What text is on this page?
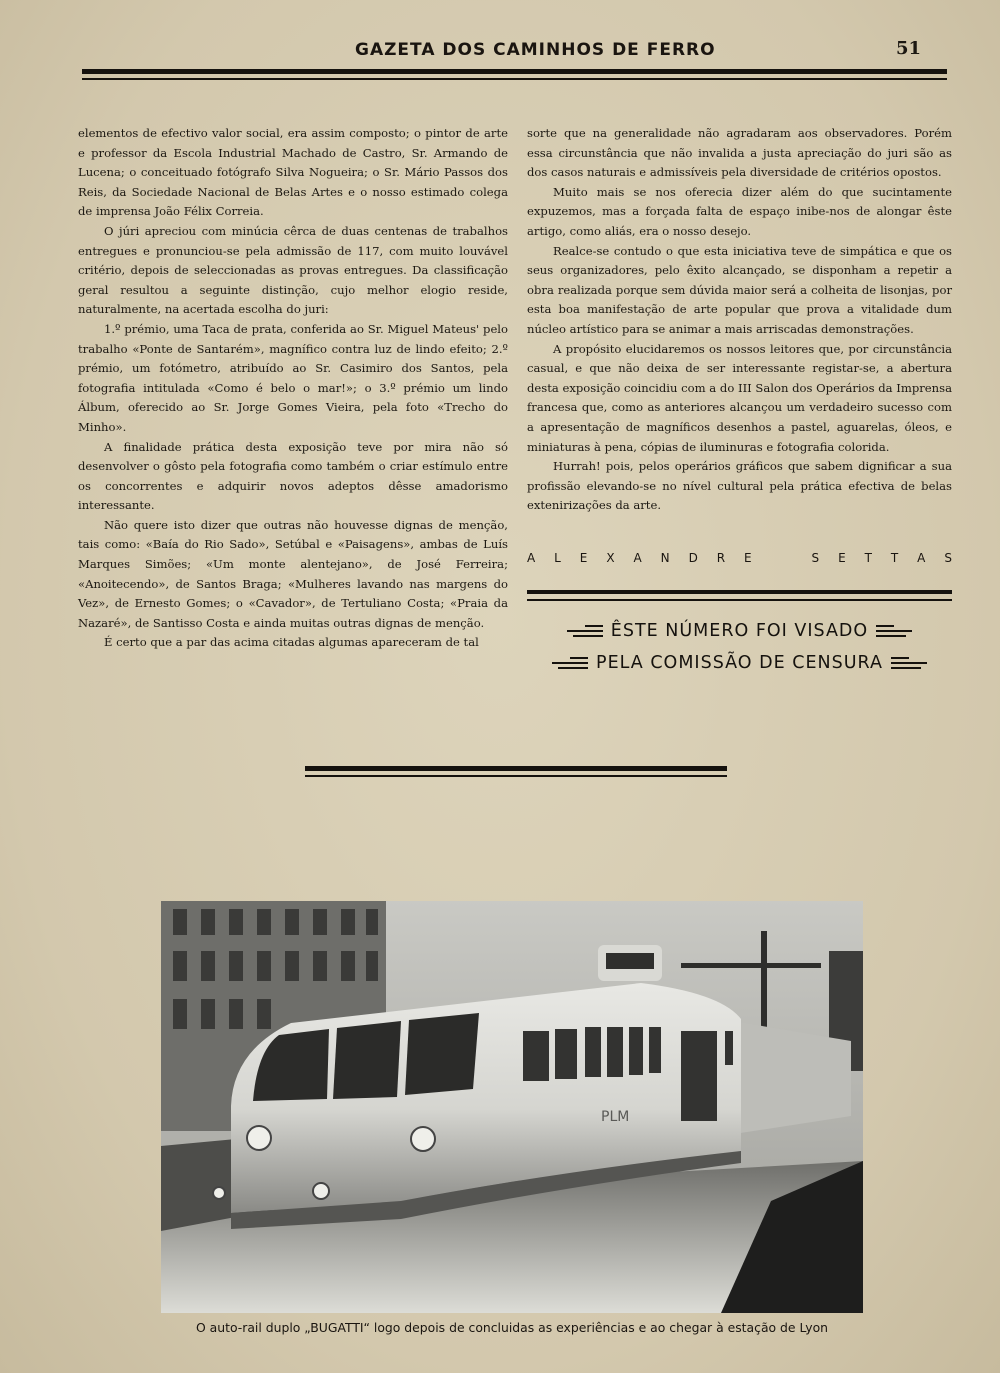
GAZETA DOS CAMINHOS DE FERRO	51

elementos de efectivo valor social, era assim composto; o pintor de arte e professor da Escola Industrial Machado de Castro, Sr. Armando de Lucena; o conceituado fotógrafo Silva Nogueira; o Sr. Mário Passos dos Reis, da Sociedade Nacional de Belas Artes e o nosso estimado colega de imprensa João Félix Correia.

O júri apreciou com minúcia cêrca de duas centenas de trabalhos entregues e pronunciou-se pela admissão de 117, com muito louvável critério, depois de seleccionadas as provas entregues. Da classificação geral resultou a seguinte distinção, cujo melhor elogio reside, naturalmente, na acertada escolha do juri:

1.º prémio, uma Taca de prata, conferida ao Sr. Miguel Mateus' pelo trabalho «Ponte de Santarém», magnífico contra luz de lindo efeito; 2.º prémio, um fotómetro, atribuído ao Sr. Casimiro dos Santos, pela fotografia intitulada «Como é belo o mar!»; o 3.º prémio um lindo Álbum, oferecido ao Sr. Jorge Gomes Vieira, pela foto «Trecho do Minho».

A finalidade prática desta exposição teve por mira não só desenvolver o gôsto pela fotografia como também o criar estímulo entre os concorrentes e adquirir novos adeptos dêsse amadorismo interessante.

Não quere isto dizer que outras não houvesse dignas de menção, tais como: «Baía do Rio Sado», Setúbal e «Paisagens», ambas de Luís Marques Simões; «Um monte alentejano», de José Ferreira; «Anoitecendo», de Santos Braga; «Mulheres lavando nas margens do Vez», de Ernesto Gomes; o «Cavador», de Tertuliano Costa; «Praia da Nazaré», de Santisso Costa e ainda muitas outras dignas de menção.

É certo que a par das acima citadas algumas apareceram de tal

sorte que na generalidade não agradaram aos observadores. Porém essa circunstância que não invalida a justa apreciação do juri são as dos casos naturais e admissíveis pela diversidade de critérios opostos.

Muito mais se nos oferecia dizer além do que sucintamente expuzemos, mas a forçada falta de espaço inibe-nos de alongar êste artigo, como aliás, era o nosso desejo.

Realce-se contudo o que esta iniciativa teve de simpática e que os seus organizadores, pelo êxito alcançado, se disponham a repetir a obra realizada porque sem dúvida maior será a colheita de lisonjas, por esta boa manifestação de arte popular que prova a vitalidade dum núcleo artístico para se animar a mais arriscadas demonstrações.

A propósito elucidaremos os nossos leitores que, por circunstância casual, e que não deixa de ser interessante registar-se, a abertura desta exposição coincidiu com a do III Salon dos Operários da Imprensa francesa que, como as anteriores alcançou um verdadeiro sucesso com a apresentação de magníficos desenhos a pastel, aguarelas, óleos, e miniaturas à pena, cópias de iluminuras e fotografia colorida.

Hurrah! pois, pelos operários gráficos que sabem dignificar a sua profissão elevando-se no nível cultural pela prática efectiva de belas extenirizações da arte.

A L E X A N D R E	S E T T A S
ÊSTE NÚMERO FOI VISADO
PELA COMISSÃO DE CENSURA
PLM
O auto-rail duplo „BUGATTI“ logo depois de concluidas as experiências e ao chegar à estação de Lyon
